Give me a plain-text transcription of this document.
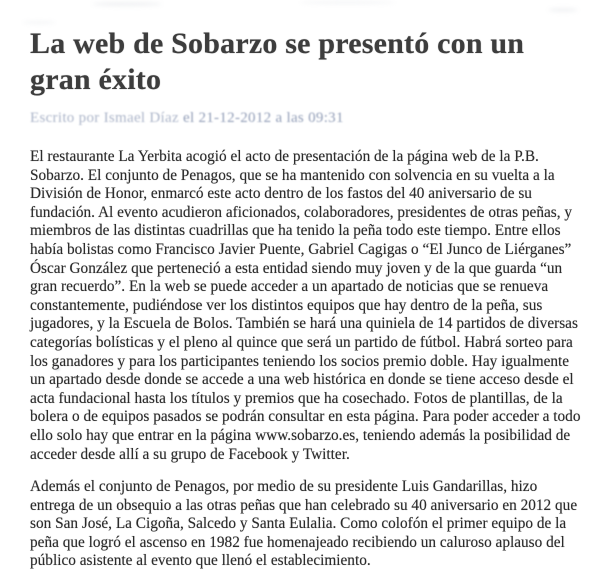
La web de Sobarzo se presentó con un gran éxito
Escrito por Ismael Díaz el 21-12-2012 a las 09:31

El restaurante La Yerbita acogió el acto de presentación de la página web de la P.B. Sobarzo. El conjunto de Penagos, que se ha mantenido con solvencia en su vuelta a la División de Honor, enmarcó este acto dentro de los fastos del 40 aniversario de su fundación. Al evento acudieron aficionados, colaboradores, presidentes de otras peñas, y miembros de las distintas cuadrillas que ha tenido la peña todo este tiempo. Entre ellos había bolistas como Francisco Javier Puente, Gabriel Cagigas o “El Junco de Liérganes” Óscar González que perteneció a esta entidad siendo muy joven y de la que guarda “un gran recuerdo”. En la web se puede acceder a un apartado de noticias que se renueva constantemente, pudiéndose ver los distintos equipos que hay dentro de la peña, sus jugadores, y la Escuela de Bolos. También se hará una quiniela de 14 partidos de diversas categorías bolísticas y el pleno al quince que será un partido de fútbol. Habrá sorteo para los ganadores y para los participantes teniendo los socios premio doble. Hay igualmente un apartado desde donde se accede a una web histórica en donde se tiene acceso desde el acta fundacional hasta los títulos y premios que ha cosechado. Fotos de plantillas, de la bolera o de equipos pasados se podrán consultar en esta página. Para poder acceder a todo ello solo hay que entrar en la página www.sobarzo.es, teniendo además la posibilidad de acceder desde allí a su grupo de Facebook y Twitter.

Además el conjunto de Penagos, por medio de su presidente Luis Gandarillas, hizo entrega de un obsequio a las otras peñas que han celebrado su 40 aniversario en 2012 que son San José, La Cigoña, Salcedo y Santa Eulalia. Como colofón el primer equipo de la peña que logró el ascenso en 1982 fue homenajeado recibiendo un caluroso aplauso del público asistente al evento que llenó el establecimiento.
